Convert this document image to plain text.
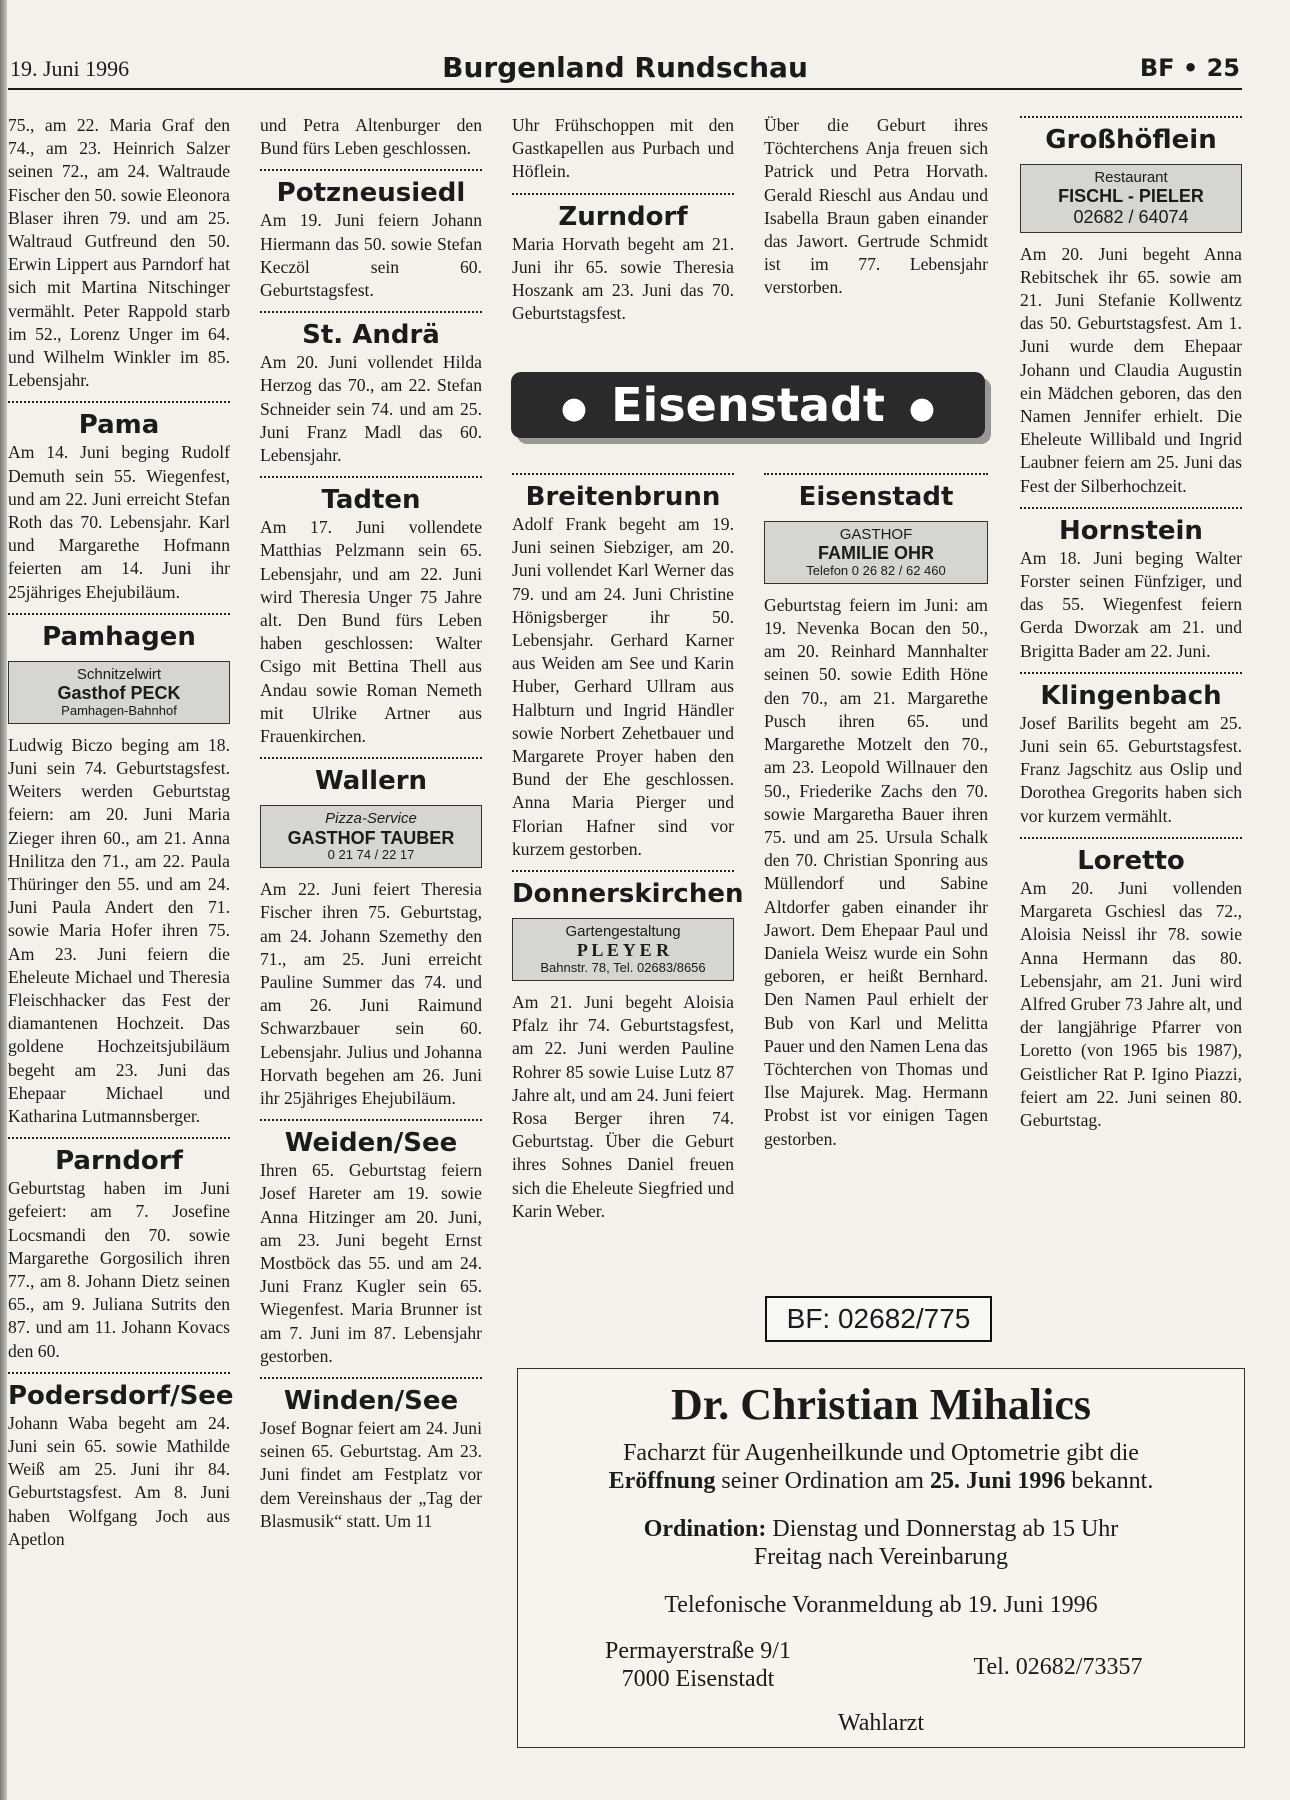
19. Juni 1996	Burgenland Rundschau	BF • 25

75., am 22. Maria Graf den 74., am 23. Heinrich Salzer seinen 72., am 24. Waltraude Fischer den 50. sowie Eleonora Blaser ihren 79. und am 25. Waltraud Gutfreund den 50. Erwin Lippert aus Parndorf hat sich mit Martina Nitschinger vermählt. Peter Rappold starb im 52., Lorenz Unger im 64. und Wilhelm Winkler im 85. Lebensjahr.

Pama

Am 14. Juni beging Rudolf Demuth sein 55. Wiegenfest, und am 22. Juni erreicht Stefan Roth das 70. Lebensjahr. Karl und Margarethe Hofmann feierten am 14. Juni ihr 25jähriges Ehejubiläum.

Pamhagen
Schnitzelwirt
Gasthof PECK
Pamhagen-Bahnhof

Ludwig Biczo beging am 18. Juni sein 74. Geburtstagsfest. Weiters werden Geburtstag feiern: am 20. Juni Maria Zieger ihren 60., am 21. Anna Hnilitza den 71., am 22. Paula Thüringer den 55. und am 24. Juni Paula Andert den 71. sowie Maria Hofer ihren 75. Am 23. Juni feiern die Eheleute Michael und Theresia Fleischhacker das Fest der diamantenen Hochzeit. Das goldene Hochzeitsjubiläum begeht am 23. Juni das Ehepaar Michael und Katharina Lutmannsberger.

Parndorf

Geburtstag haben im Juni gefeiert: am 7. Josefine Locsmandi den 70. sowie Margarethe Gorgosilich ihren 77., am 8. Johann Dietz seinen 65., am 9. Juliana Sutrits den 87. und am 11. Johann Kovacs den 60.

Podersdorf/See

Johann Waba begeht am 24. Juni sein 65. sowie Mathilde Weiß am 25. Juni ihr 84. Geburtstagsfest. Am 8. Juni haben Wolfgang Joch aus Apetlon

und Petra Altenburger den Bund fürs Leben geschlossen.

Potzneusiedl

Am 19. Juni feiern Johann Hiermann das 50. sowie Stefan Keczöl sein 60. Geburtstagsfest.

St. Andrä

Am 20. Juni vollendet Hilda Herzog das 70., am 22. Stefan Schneider sein 74. und am 25. Juni Franz Madl das 60. Lebensjahr.

Tadten

Am 17. Juni vollendete Matthias Pelzmann sein 65. Lebensjahr, und am 22. Juni wird Theresia Unger 75 Jahre alt. Den Bund fürs Leben haben geschlossen: Walter Csigo mit Bettina Thell aus Andau sowie Roman Nemeth mit Ulrike Artner aus Frauenkirchen.

Wallern
Pizza-Service
GASTHOF TAUBER
0 21 74 / 22 17

Am 22. Juni feiert Theresia Fischer ihren 75. Geburtstag, am 24. Johann Szemethy den 71., am 25. Juni erreicht Pauline Summer das 74. und am 26. Juni Raimund Schwarzbauer sein 60. Lebensjahr. Julius und Johanna Horvath begehen am 26. Juni ihr 25jähriges Ehejubiläum.

Weiden/See

Ihren 65. Geburtstag feiern Josef Hareter am 19. sowie Anna Hitzinger am 20. Juni, am 23. Juni begeht Ernst Mostböck das 55. und am 24. Juni Franz Kugler sein 65. Wiegenfest. Maria Brunner ist am 7. Juni im 87. Lebensjahr gestorben.

Winden/See

Josef Bognar feiert am 24. Juni seinen 65. Geburtstag. Am 23. Juni findet am Festplatz vor dem Vereinshaus der „Tag der Blasmusik“ statt. Um 11

Uhr Frühschoppen mit den Gastkapellen aus Purbach und Höflein.

Zurndorf

Maria Horvath begeht am 21. Juni ihr 65. sowie Theresia Hoszank am 23. Juni das 70. Geburtstagsfest.

Über die Geburt ihres Töchterchens Anja freuen sich Patrick und Petra Horvath. Gerald Rieschl aus Andau und Isabella Braun gaben einander das Jawort. Gertrude Schmidt ist im 77. Lebensjahr verstorben.

● Eisenstadt ●
Breitenbrunn

Adolf Frank begeht am 19. Juni seinen Siebziger, am 20. Juni vollendet Karl Werner das 79. und am 24. Juni Christine Hönigsberger ihr 50. Lebensjahr. Gerhard Karner aus Weiden am See und Karin Huber, Gerhard Ullram aus Halbturn und Ingrid Händler sowie Norbert Zehetbauer und Margarete Proyer haben den Bund der Ehe geschlossen. Anna Maria Pierger und Florian Hafner sind vor kurzem gestorben.

Donnerskirchen
Gartengestaltung
P L E Y E R
Bahnstr. 78, Tel. 02683/8656

Am 21. Juni begeht Aloisia Pfalz ihr 74. Geburtstagsfest, am 22. Juni werden Pauline Rohrer 85 sowie Luise Lutz 87 Jahre alt, und am 24. Juni feiert Rosa Berger ihren 74. Geburtstag. Über die Geburt ihres Sohnes Daniel freuen sich die Eheleute Siegfried und Karin Weber.

Eisenstadt
GASTHOF
FAMILIE OHR
Telefon 0 26 82 / 62 460

Geburtstag feiern im Juni: am 19. Nevenka Bocan den 50., am 20. Reinhard Mannhalter seinen 50. sowie Edith Höne den 70., am 21. Margarethe Pusch ihren 65. und Margarethe Motzelt den 70., am 23. Leopold Willnauer den 50., Friederike Zachs den 70. sowie Margaretha Bauer ihren 75. und am 25. Ursula Schalk den 70. Christian Sponring aus Müllendorf und Sabine Altdorfer gaben einander ihr Jawort. Dem Ehepaar Paul und Daniela Weisz wurde ein Sohn geboren, er heißt Bernhard. Den Namen Paul erhielt der Bub von Karl und Melitta Pauer und den Namen Lena das Töchterchen von Thomas und Ilse Majurek. Mag. Hermann Probst ist vor einigen Tagen gestorben.

Großhöflein
Restaurant
FISCHL - PIELER
02682 / 64074

Am 20. Juni begeht Anna Rebitschek ihr 65. sowie am 21. Juni Stefanie Kollwentz das 50. Geburtstagsfest. Am 1. Juni wurde dem Ehepaar Johann und Claudia Augustin ein Mädchen geboren, das den Namen Jennifer erhielt. Die Eheleute Willibald und Ingrid Laubner feiern am 25. Juni das Fest der Silberhochzeit.

Hornstein

Am 18. Juni beging Walter Forster seinen Fünfziger, und das 55. Wiegenfest feiern Gerda Dworzak am 21. und Brigitta Bader am 22. Juni.

Klingenbach

Josef Barilits begeht am 25. Juni sein 65. Geburtstagsfest. Franz Jagschitz aus Oslip und Dorothea Gregorits haben sich vor kurzem vermählt.

Loretto

Am 20. Juni vollenden Margareta Gschiesl das 72., Aloisia Neissl ihr 78. sowie Anna Hermann das 80. Lebensjahr, am 21. Juni wird Alfred Gruber 73 Jahre alt, und der langjährige Pfarrer von Loretto (von 1965 bis 1987), Geistlicher Rat P. Igino Piazzi, feiert am 22. Juni seinen 80. Geburtstag.

BF: 02682/775
Dr. Christian Mihalics
Facharzt für Augenheilkunde und Optometrie gibt die
Eröffnung seiner Ordination am 25. Juni 1996 bekannt.
Ordination: Dienstag und Donnerstag ab 15 Uhr
Freitag nach Vereinbarung
Telefonische Voranmeldung ab 19. Juni 1996
Permayerstraße 9/1
7000 Eisenstadt	Tel. 02682/73357
Wahlarzt
